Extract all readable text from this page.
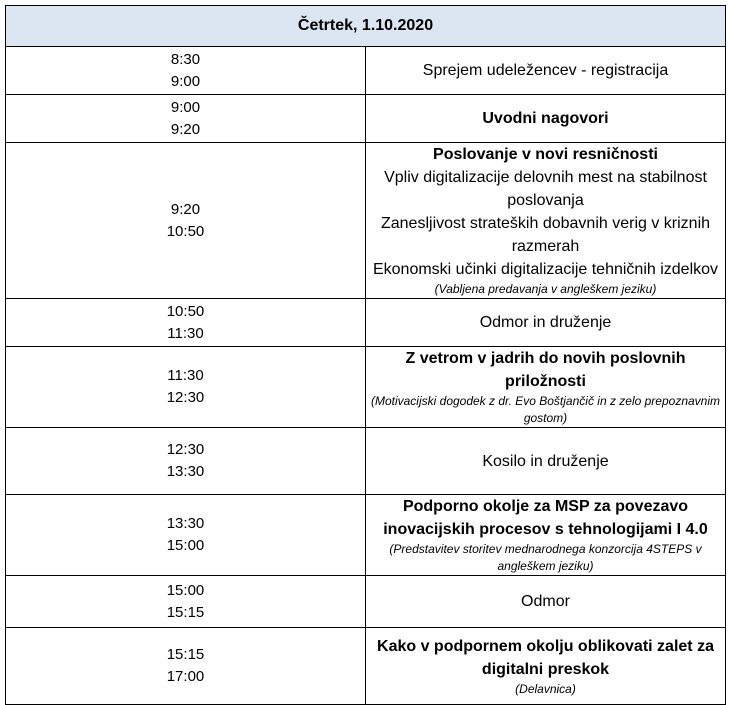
Četrtek, 1.10.2020	

8:30
9:00	Sprejem udeležencev - registracija

9:00
9:20	Uvodni nagovori

9:20
10:50	Poslovanje v novi resničnosti
Vpliv digitalizacije delovnih mest na stabilnost poslovanja
Zanesljivost strateških dobavnih verig v kriznih razmerah
Ekonomski učinki digitalizacije tehničnih izdelkov
(Vabljena predavanja v angleškem jeziku)

10:50
11:30	Odmor in druženje

11:30
12:30	Z vetrom v jadrih do novih poslovnih priložnosti
(Motivacijski dogodek z dr. Evo Boštjančič in z zelo prepoznavnim gostom)

12:30
13:30	Kosilo in druženje

13:30
15:00	Podporno okolje za MSP za povezavo inovacijskih procesov s tehnologijami I 4.0
(Predstavitev storitev mednarodnega konzorcija 4STEPS v angleškem jeziku)

15:00
15:15	Odmor

15:15
17:00	Kako v podpornem okolju oblikovati zalet za digitalni preskok
(Delavnica)
